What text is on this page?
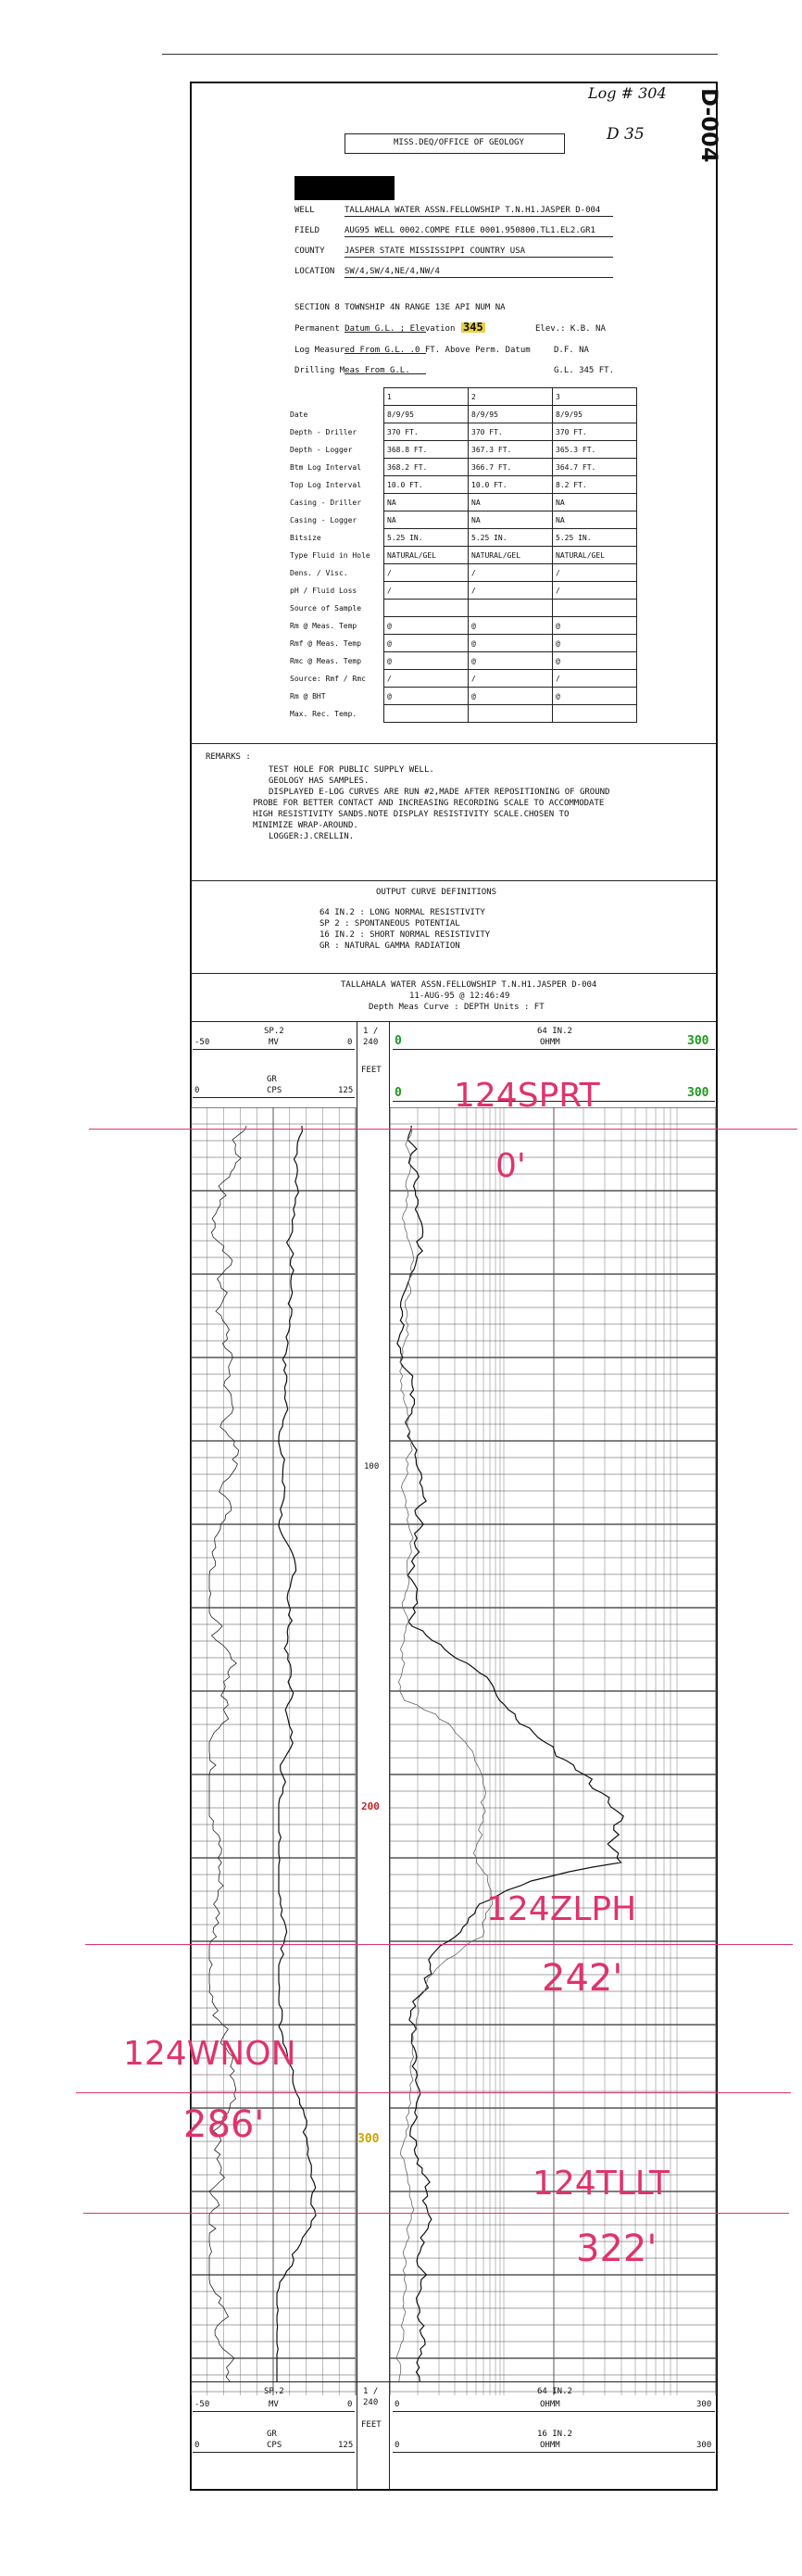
Log # 304
D 35 D-004
MISS.DEQ/OFFICE OF GEOLOGY
WELL	TALLAHALA WATER ASSN.FELLOWSHIP T.N.H1.JASPER D-004
FIELD	AUG95 WELL 0002.COMPE FILE 0001.950800.TL1.EL2.GR1
COUNTY JASPER STATE MISSISSIPPI COUNTRY USA
LOCATION SW/4,SW/4,NE/4,NW/4
SECTION 8 TOWNSHIP 4N RANGE 13E API NUM NA
Permanent Datum G.L. ; Elevation 345	Elev.: K.B. NA
Log Measured From G.L. .0 FT. Above Perm. Datum	D.F. NA
Drilling Meas From G.L.	G.L. 345 FT.
	1	2	3
Date	8/9/95	8/9/95	8/9/95
Depth - Driller	370 FT.	370 FT.	370 FT.
Depth - Logger	368.8 FT.	367.3 FT.	365.3 FT.
Btm Log Interval	368.2 FT.	366.7 FT.	364.7 FT.
Top Log Interval	10.0 FT.	10.0 FT.	8.2 FT.
Casing - Driller	NA	NA	NA
Casing - Logger	NA	NA	NA
Bitsize	5.25 IN.	5.25 IN.	5.25 IN.
Type Fluid in Hole	NATURAL/GEL	NATURAL/GEL	NATURAL/GEL
Dens. / Visc.	/	/	/
pH / Fluid Loss	/	/	/
Source of Sample			
Rm @ Meas. Temp	@	@	@
Rmf @ Meas. Temp	@	@	@
Rmc @ Meas. Temp	@	@	@
Source: Rmf / Rmc	/	/	/
Rm @ BHT	@	@	@
Max. Rec. Temp.			
REMARKS :
TEST HOLE FOR PUBLIC SUPPLY WELL.
GEOLOGY HAS SAMPLES.
DISPLAYED E-LOG CURVES ARE RUN #2,MADE AFTER REPOSITIONING OF GROUND
PROBE FOR BETTER CONTACT AND INCREASING RECORDING SCALE TO ACCOMMODATE
HIGH RESISTIVITY SANDS.NOTE DISPLAY RESISTIVITY SCALE.CHOSEN TO
MINIMIZE WRAP-AROUND.
LOGGER:J.CRELLIN.
OUTPUT CURVE DEFINITIONS
64 IN.2 : LONG NORMAL RESISTIVITY
SP 2 : SPONTANEOUS POTENTIAL
16 IN.2 : SHORT NORMAL RESISTIVITY
GR : NATURAL GAMMA RADIATION
TALLAHALA WATER ASSN.FELLOWSHIP T.N.H1.JASPER D-004
11-AUG-95 @ 12:46:49
Depth Meas Curve : DEPTH Units : FT
SP.2
-50	MV	0
GR
0	CPS	125
1 /
240
FEET
64 IN.2
0	OHMM	300
0	300
100
200
300
124SPRT
0'
124ZLPH
242'
124WNON
286'
124TLLT
322'
SP.2
-50	MV	0
GR
0	CPS	125
1 /
240
FEET
64 IN.2
0	OHMM	300
16 IN.2
0	OHMM	300
